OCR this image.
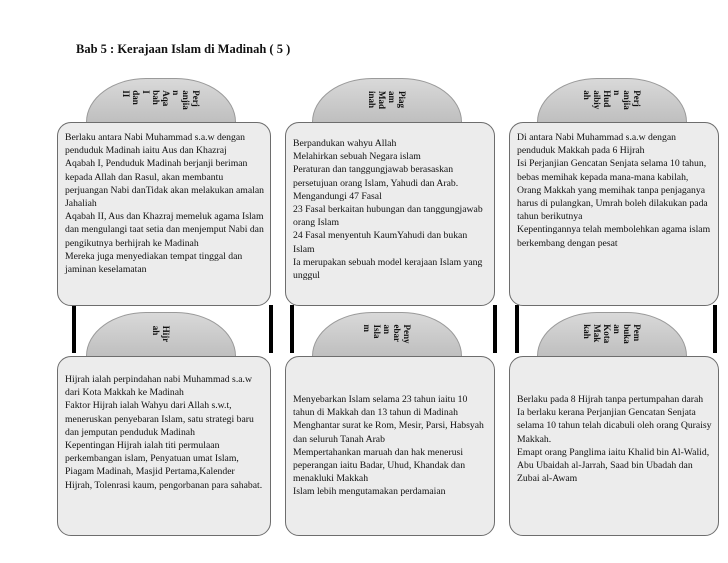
Bab 5 : Kerajaan Islam di Madinah ( 5 )
Perj
anjia
n
Aqa
bah
I
dan
II	Piag
am
Mad
inah	Perj
anjia
n
Hud
aibiy
ah
Berlaku antara Nabi Muhammad s.a.w dengan penduduk Madinah iaitu Aus dan Khazraj
Aqabah I, Penduduk Madinah berjanji beriman kepada Allah dan Rasul, akan membantu perjuangan Nabi danTidak akan melakukan amalan Jahaliah
Aqabah II, Aus dan Khazraj memeluk agama Islam dan mengulangi taat setia dan menjemput Nabi dan pengikutnya berhijrah ke Madinah
Mereka juga menyediakan tempat tinggal dan jaminan keselamatan
Berpandukan wahyu Allah
Melahirkan sebuah Negara islam
Peraturan dan tanggungjawab berasaskan persetujuan orang Islam, Yahudi dan Arab.
Mengandungi 47 Fasal
23 Fasal berkaitan hubungan dan tanggungjawab orang Islam
24 Fasal menyentuh KaumYahudi dan bukan Islam
Ia merupakan sebuah model kerajaan Islam yang unggul
Di antara Nabi Muhammad s.a.w dengan penduduk Makkah pada 6 Hijrah
Isi Perjanjian Gencatan Senjata selama 10 tahun, bebas memihak kepada mana-mana kabilah, Orang Makkah yang memihak tanpa penjaganya harus di pulangkan, Umrah boleh dilakukan pada tahun berikutnya
Kepentingannya telah membolehkan agama islam berkembang dengan pesat
Hijr
ah	Peny
ebar
an
Isla
m	Pem
buka
an
Kota
Mak
kah
Hijrah ialah perpindahan nabi Muhammad s.a.w dari Kota Makkah ke Madinah
Faktor Hijrah ialah Wahyu dari Allah s.w.t, meneruskan penyebaran Islam, satu strategi baru dan jemputan penduduk Madinah
Kepentingan Hijrah ialah titi permulaan perkembangan islam, Penyatuan umat Islam, Piagam Madinah, Masjid Pertama,Kalender Hijrah, Tolenrasi kaum, pengorbanan para sahabat.
Menyebarkan Islam selama 23 tahun iaitu 10 tahun di Makkah dan 13 tahun di Madinah
Menghantar surat ke Rom, Mesir, Parsi, Habsyah dan seluruh Tanah Arab
Mempertahankan maruah dan hak menerusi peperangan iaitu Badar, Uhud, Khandak dan menakluki Makkah
Islam lebih mengutamakan perdamaian
Berlaku pada 8 Hijrah tanpa pertumpahan darah
Ia berlaku kerana Perjanjian Gencatan Senjata selama 10 tahun telah dicabuli oleh orang Quraisy Makkah.
Emapt orang Panglima iaitu Khalid bin Al-Walid, Abu Ubaidah al-Jarrah, Saad bin Ubadah dan Zubai al-Awam
